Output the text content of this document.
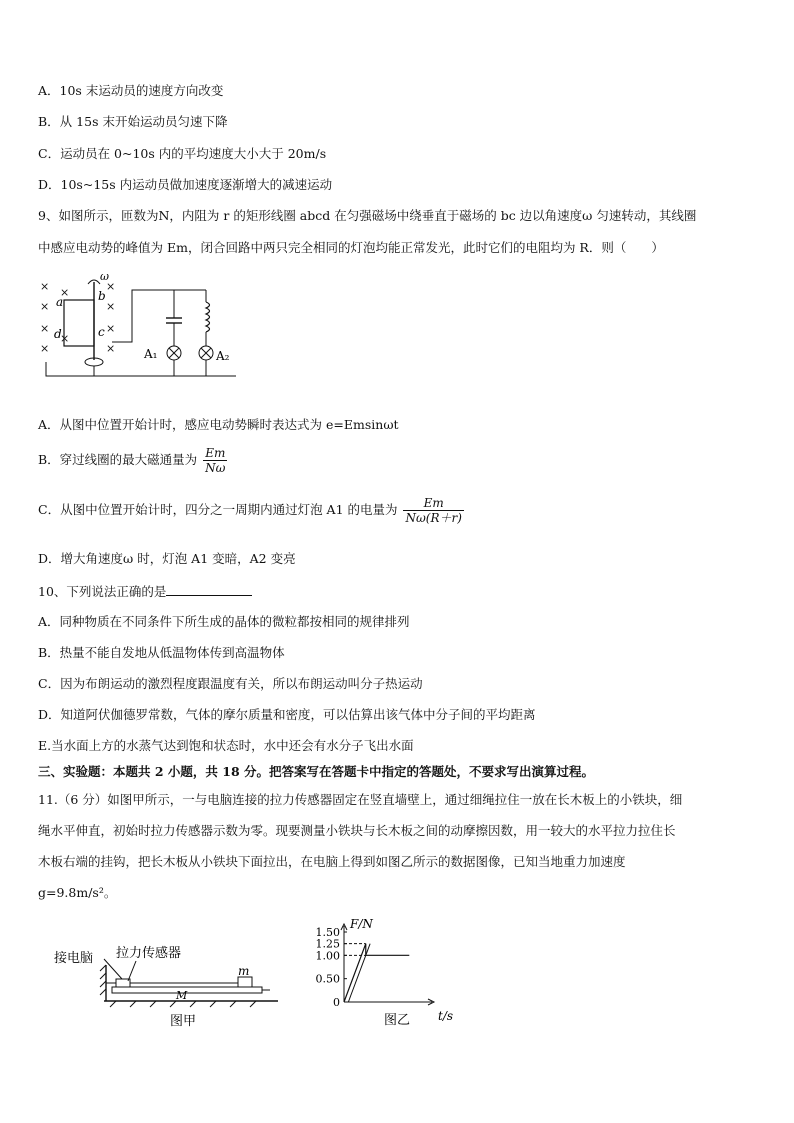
A．10s 末运动员的速度方向改变
B．从 15s 末开始运动员匀速下降
C．运动员在 0~10s 内的平均速度大小大于 20m/s
D．10s~15s 内运动员做加速度逐渐增大的减速运动
9、如图所示，匝数为N，内阻为 r 的矩形线圈 abcd 在匀强磁场中绕垂直于磁场的 bc 边以角速度ω 匀速转动，其线圈
中感应电动势的峰值为 Em，闭合回路中两只完全相同的灯泡均能正常发光，此时它们的电阻均为 R．则（　　）
×
×
×
×
×
×
×
×
×
×
ω
a	b
c
d
A₁	A₂
A．从图中位置开始计时，感应电动势瞬时表达式为 e=Emsinωt
B．穿过线圈的最大磁通量为 $\frac{Em}{N\omega}$
C．从图中位置开始计时，四分之一周期内通过灯泡 A1 的电量为 $\frac{Em}{N\omega(R+r)}$
D．增大角速度ω 时，灯泡 A1 变暗，A2 变亮
10、下列说法正确的是
A．同种物质在不同条件下所生成的晶体的微粒都按相同的规律排列
B．热量不能自发地从低温物体传到高温物体
C．因为布朗运动的激烈程度跟温度有关，所以布朗运动叫分子热运动
D．知道阿伏伽德罗常数，气体的摩尔质量和密度，可以估算出该气体中分子间的平均距离
E.当水面上方的水蒸气达到饱和状态时，水中还会有水分子飞出水面
三、实验题：本题共 2 小题，共 18 分。把答案写在答题卡中指定的答题处，不要求写出演算过程。
11.（6 分）如图甲所示，一与电脑连接的拉力传感器固定在竖直墙壁上，通过细绳拉住一放在长木板上的小铁块，细
绳水平伸直，初始时拉力传感器示数为零。现要测量小铁块与长木板之间的动摩擦因数，用一较大的水平拉力拉住长
木板右端的挂钩，把长木板从小铁块下面拉出，在电脑上得到如图乙所示的数据图像，已知当地重力加速度
g=9.8m/s²。
接电脑 拉力传感器
m
M
图甲
F/N
t/s
图乙
1.50
1.25
1.00
0.50
0
